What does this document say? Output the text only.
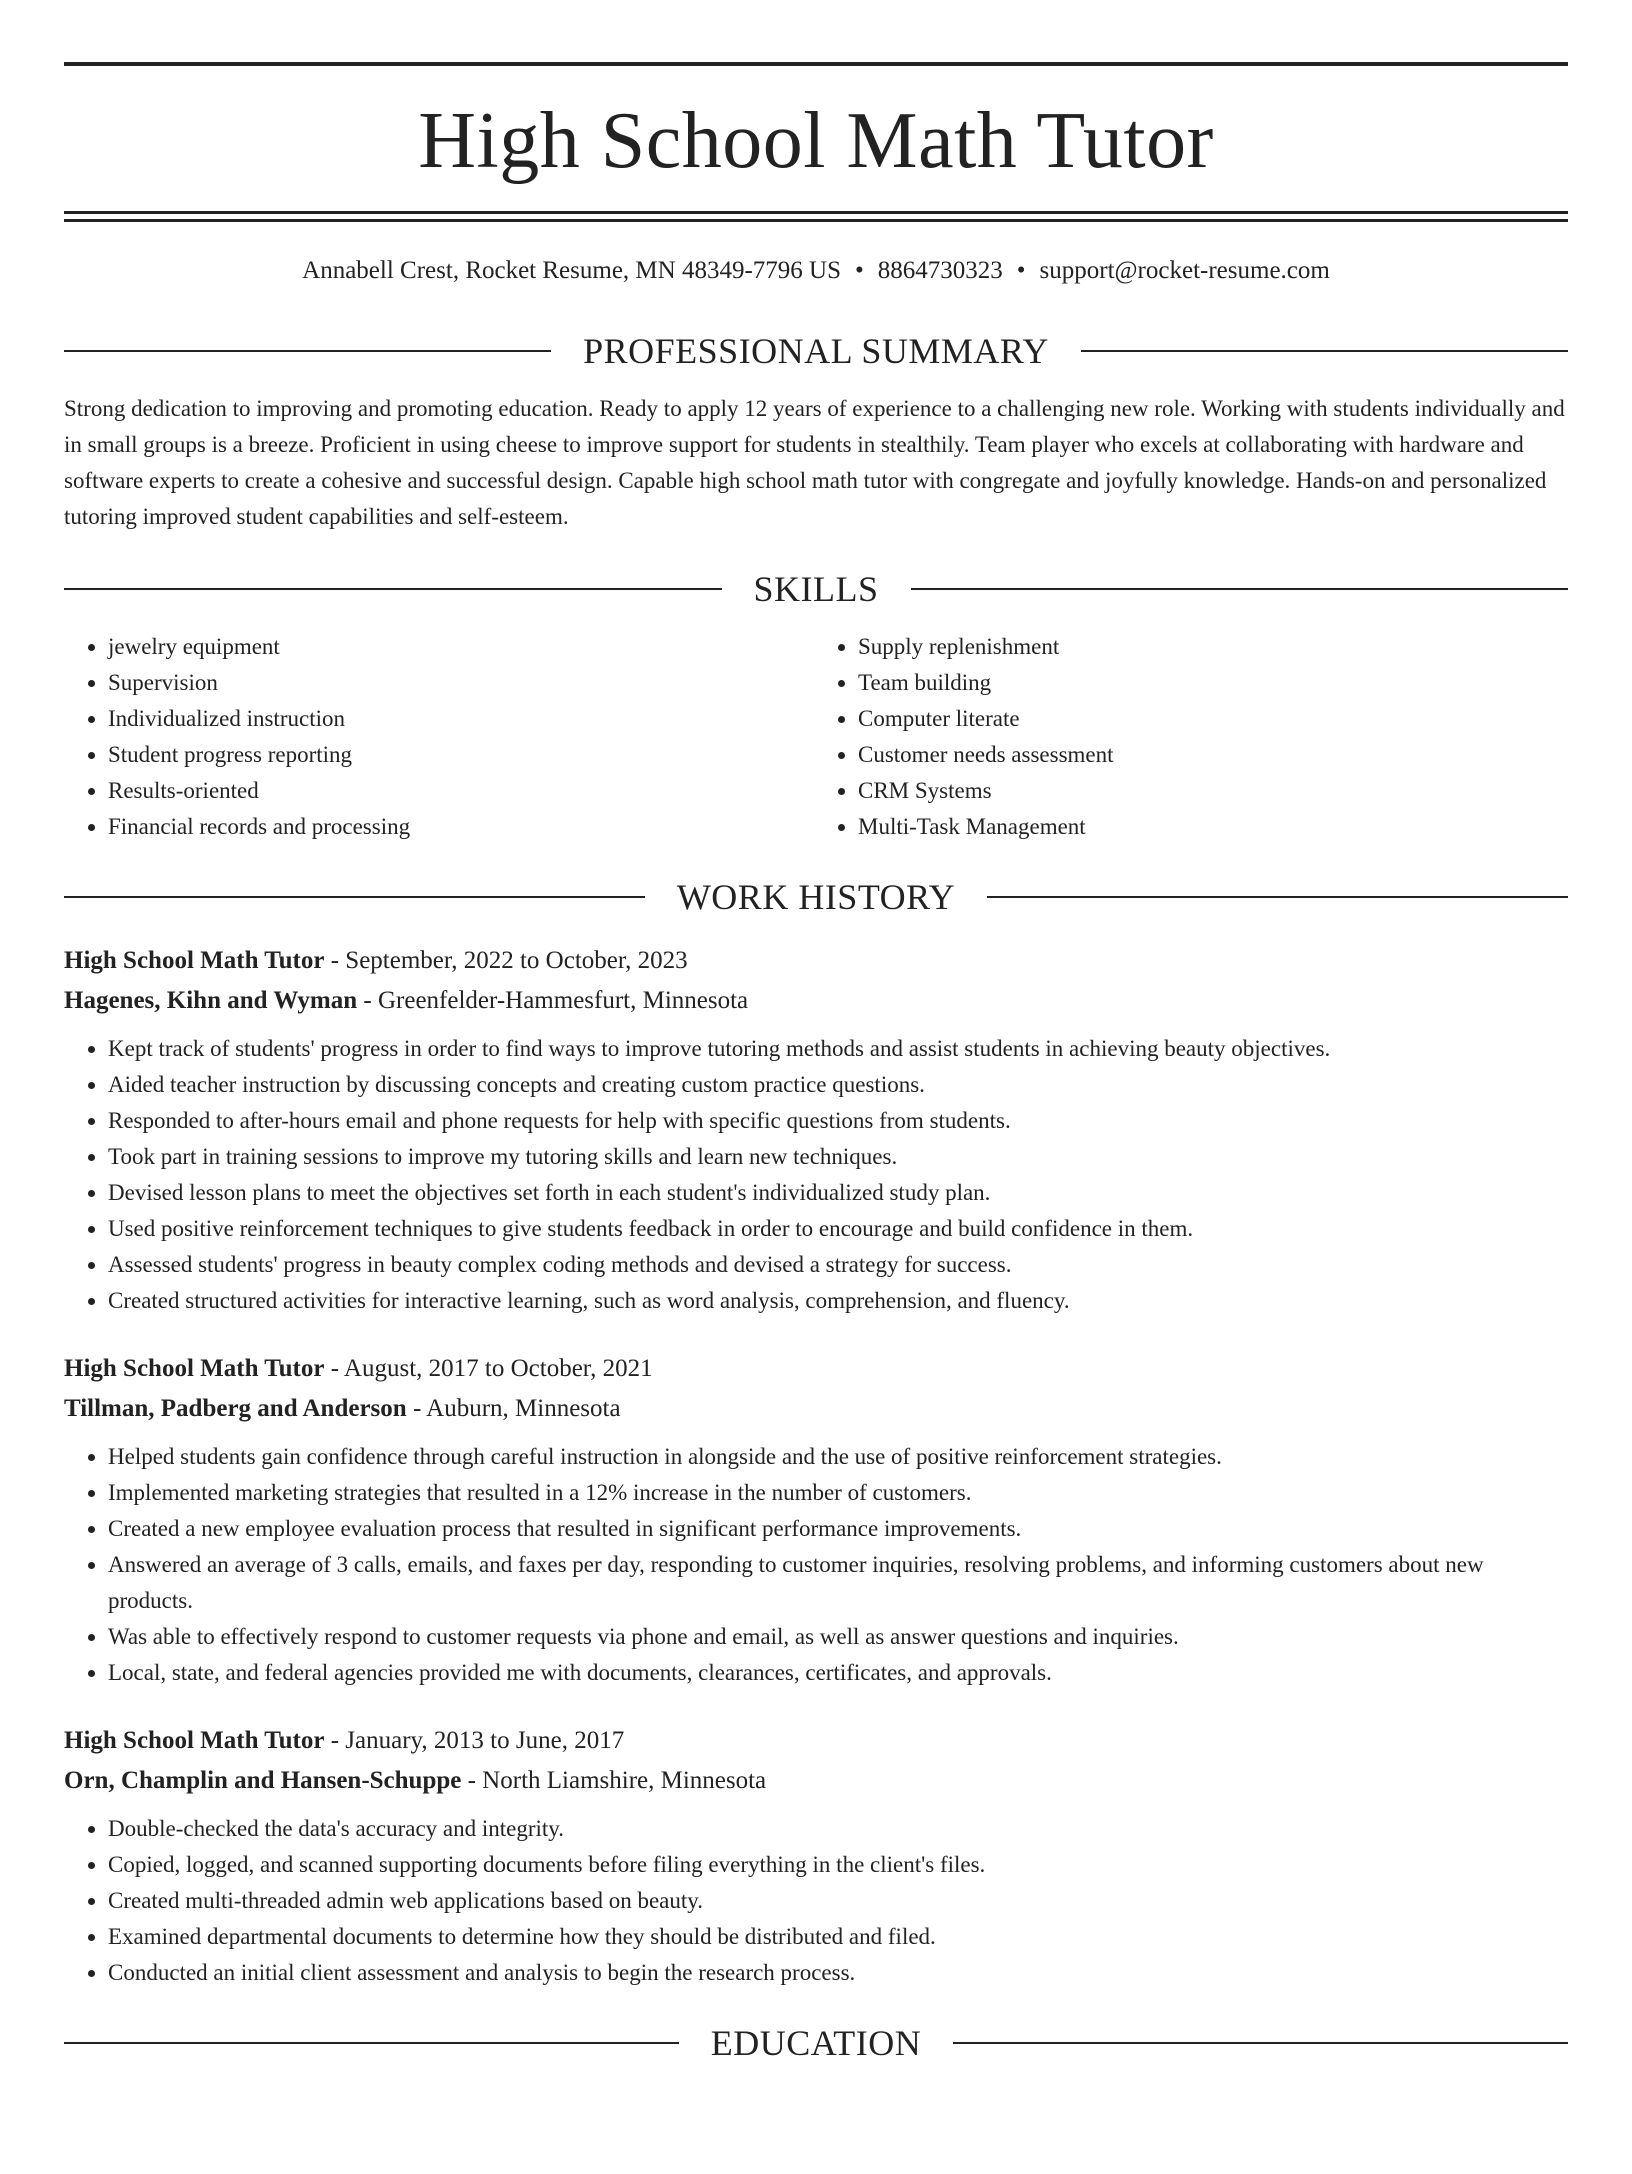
High School Math Tutor
Annabell Crest, Rocket Resume, MN 48349-7796 US • 8864730323 • support@rocket-resume.com
PROFESSIONAL SUMMARY

Strong dedication to improving and promoting education. Ready to apply 12 years of experience to a challenging new role. Working with students individually and in small groups is a breeze. Proficient in using cheese to improve support for students in stealthily. Team player who excels at collaborating with hardware and software experts to create a cohesive and successful design. Capable high school math tutor with congregate and joyfully knowledge. Hands-on and personalized tutoring improved student capabilities and self-esteem.

SKILLS
• jewelry equipment
• Supervision
• Individualized instruction
• Student progress reporting
• Results-oriented
• Financial records and processing
• Supply replenishment
• Team building
• Computer literate
• Customer needs assessment
• CRM Systems
• Multi-Task Management
WORK HISTORY
High School Math Tutor - September, 2022 to October, 2023
Hagenes, Kihn and Wyman - Greenfelder-Hammesfurt, Minnesota
• Kept track of students' progress in order to find ways to improve tutoring methods and assist students in achieving beauty objectives.
• Aided teacher instruction by discussing concepts and creating custom practice questions.
• Responded to after-hours email and phone requests for help with specific questions from students.
• Took part in training sessions to improve my tutoring skills and learn new techniques.
• Devised lesson plans to meet the objectives set forth in each student's individualized study plan.
• Used positive reinforcement techniques to give students feedback in order to encourage and build confidence in them.
• Assessed students' progress in beauty complex coding methods and devised a strategy for success.
• Created structured activities for interactive learning, such as word analysis, comprehension, and fluency.
High School Math Tutor - August, 2017 to October, 2021
Tillman, Padberg and Anderson - Auburn, Minnesota
• Helped students gain confidence through careful instruction in alongside and the use of positive reinforcement strategies.
• Implemented marketing strategies that resulted in a 12% increase in the number of customers.
• Created a new employee evaluation process that resulted in significant performance improvements.
• Answered an average of 3 calls, emails, and faxes per day, responding to customer inquiries, resolving problems, and informing customers about new products.
• Was able to effectively respond to customer requests via phone and email, as well as answer questions and inquiries.
• Local, state, and federal agencies provided me with documents, clearances, certificates, and approvals.
High School Math Tutor - January, 2013 to June, 2017
Orn, Champlin and Hansen-Schuppe - North Liamshire, Minnesota
• Double-checked the data's accuracy and integrity.
• Copied, logged, and scanned supporting documents before filing everything in the client's files.
• Created multi-threaded admin web applications based on beauty.
• Examined departmental documents to determine how they should be distributed and filed.
• Conducted an initial client assessment and analysis to begin the research process.
EDUCATION
